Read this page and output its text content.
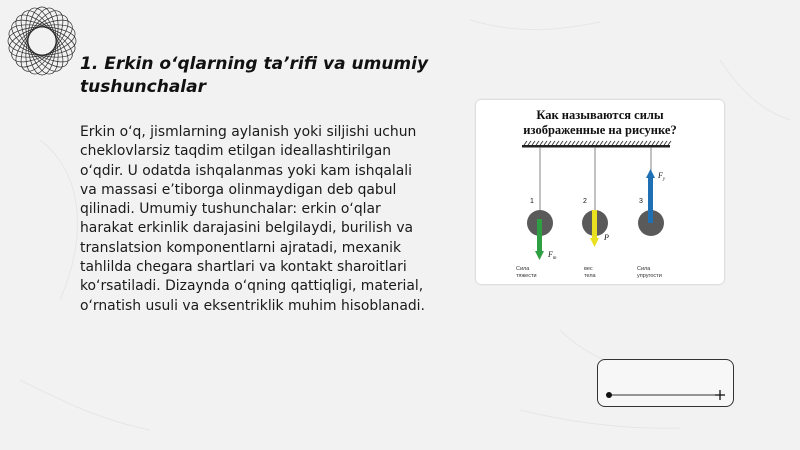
1. Erkin o‘qlarning ta’rifi va umumiy tushunchalar
Erkin o‘q, jismlarning aylanish yoki siljishi uchun cheklovlarsiz taqdim etilgan ideallashtirilgan o‘qdir. U odatda ishqalanmas yoki kam ishqalali va massasi e’tiborga olinmaydigan deb qabul qilinadi. Umumiy tushunchalar: erkin o‘qlar harakat erkinlik darajasini belgilaydi, burilish va translatsion komponentlarni ajratadi, mexanik tahlilda chegara shartlari va kontakt sharoitlari ko‘rsatiladi. Dizaynda o‘qning qattiqligi, material, o‘rnatish usuli va eksentriklik muhim hisoblanadi.
Как называются силы
изображенные на рисунке?
1
$F_т$
Сила
тяжести
2
P
вес
тела
3
$F_у$
Сила
упругости
